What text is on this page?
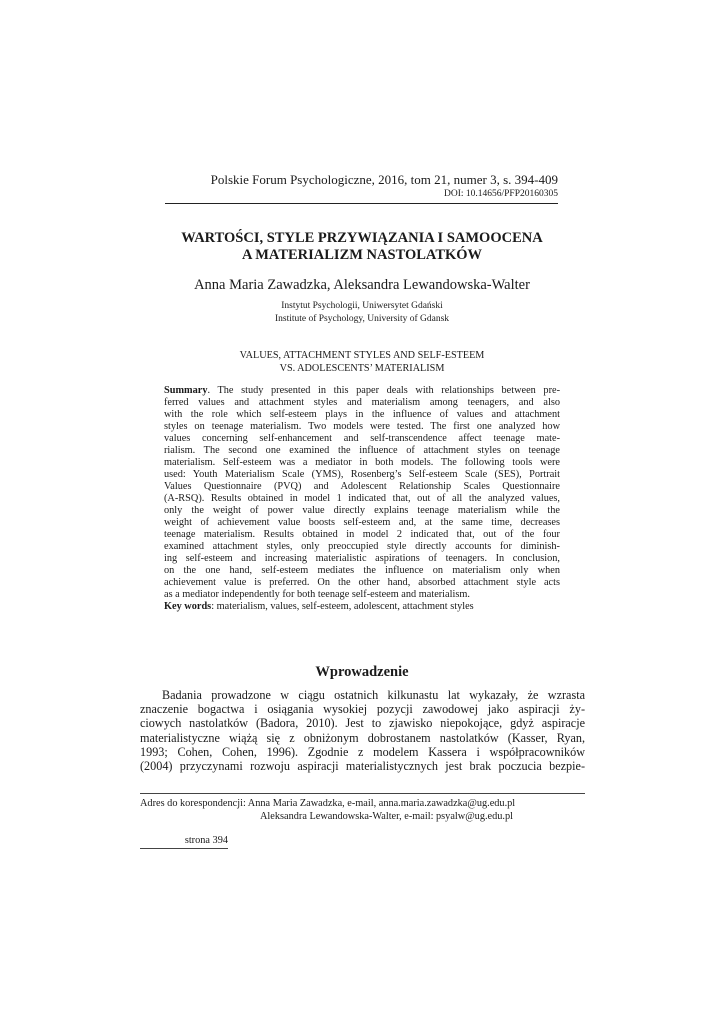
Polskie Forum Psychologiczne, 2016, tom 21, numer 3, s. 394-409
DOI: 10.14656/PFP20160305
WARTOŚCI, STYLE PRZYWIĄZANIA I SAMOOCENA
A MATERIALIZM NASTOLATKÓW
Anna Maria Zawadzka, Aleksandra Lewandowska-Walter
Instytut Psychologii, Uniwersytet Gdański
Institute of Psychology, University of Gdansk
VALUES, ATTACHMENT STYLES AND SELF-ESTEEM
VS. ADOLESCENTS’ MATERIALISM
Summary. The study presented in this paper deals with relationships between pre-
ferred values and attachment styles and materialism among teenagers, and also
with the role which self-esteem plays in the influence of values and attachment
styles on teenage materialism. Two models were tested. The first one analyzed how
values concerning self-enhancement and self-transcendence affect teenage mate-
rialism. The second one examined the influence of attachment styles on teenage
materialism. Self-esteem was a mediator in both models. The following tools were
used: Youth Materialism Scale (YMS), Rosenberg’s Self-esteem Scale (SES), Portrait
Values Questionnaire (PVQ) and Adolescent Relationship Scales Questionnaire
(A-RSQ). Results obtained in model 1 indicated that, out of all the analyzed values,
only the weight of power value directly explains teenage materialism while the
weight of achievement value boosts self-esteem and, at the same time, decreases
teenage materialism. Results obtained in model 2 indicated that, out of the four
examined attachment styles, only preoccupied style directly accounts for diminish-
ing self-esteem and increasing materialistic aspirations of teenagers. In conclusion,
on the one hand, self-esteem mediates the influence on materialism only when
achievement value is preferred. On the other hand, absorbed attachment style acts
as a mediator independently for both teenage self-esteem and materialism.
Key words: materialism, values, self-esteem, adolescent, attachment styles
Wprowadzenie
Badania prowadzone w ciągu ostatnich kilkunastu lat wykazały, że wzrasta
znaczenie bogactwa i osiągania wysokiej pozycji zawodowej jako aspiracji ży-
ciowych nastolatków (Badora, 2010). Jest to zjawisko niepokojące, gdyż aspiracje
materialistyczne wiążą się z obniżonym dobrostanem nastolatków (Kasser, Ryan,
1993; Cohen, Cohen, 1996). Zgodnie z modelem Kassera i współpracowników
(2004) przyczynami rozwoju aspiracji materialistycznych jest brak poczucia bezpie-
Adres do korespondencji: Anna Maria Zawadzka, e-mail, anna.maria.zawadzka@ug.edu.pl
Aleksandra Lewandowska-Walter, e-mail: psyalw@ug.edu.pl
strona 394
